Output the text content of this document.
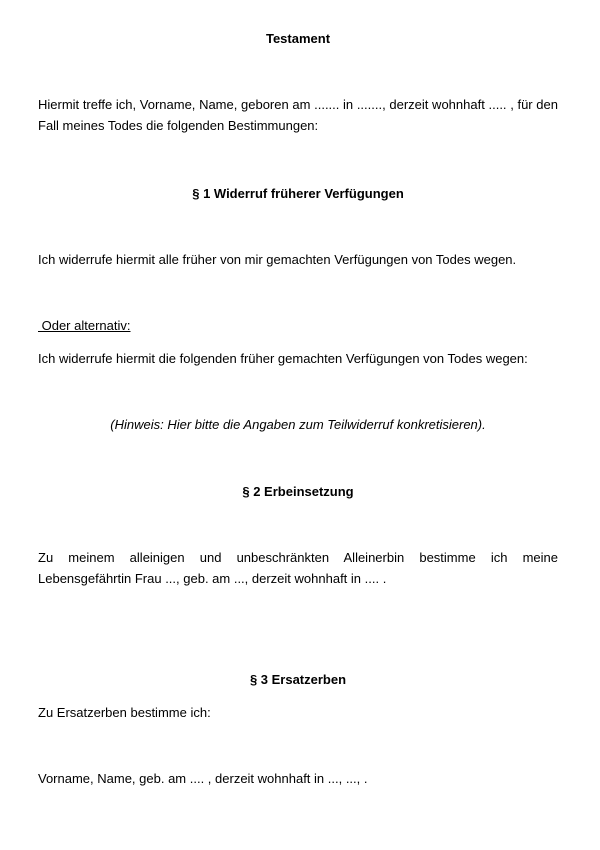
Testament
Hiermit treffe ich, Vorname, Name, geboren am ....... in ......., derzeit wohnhaft ..... , für den Fall meines Todes die folgenden Bestimmungen:
§ 1 Widerruf früherer Verfügungen
Ich widerrufe hiermit alle früher von mir gemachten Verfügungen von Todes wegen.
Oder alternativ:
Ich widerrufe hiermit die folgenden früher gemachten Verfügungen von Todes wegen:
(Hinweis: Hier bitte die Angaben zum Teilwiderruf konkretisieren).
§ 2 Erbeinsetzung
Zu meinem alleinigen und unbeschränkten Alleinerbin bestimme ich meine Lebensgefährtin Frau ..., geb. am ..., derzeit wohnhaft in .... .
§ 3 Ersatzerben
Zu Ersatzerben bestimme ich:
Vorname, Name, geb. am .... , derzeit wohnhaft in ..., ..., .
